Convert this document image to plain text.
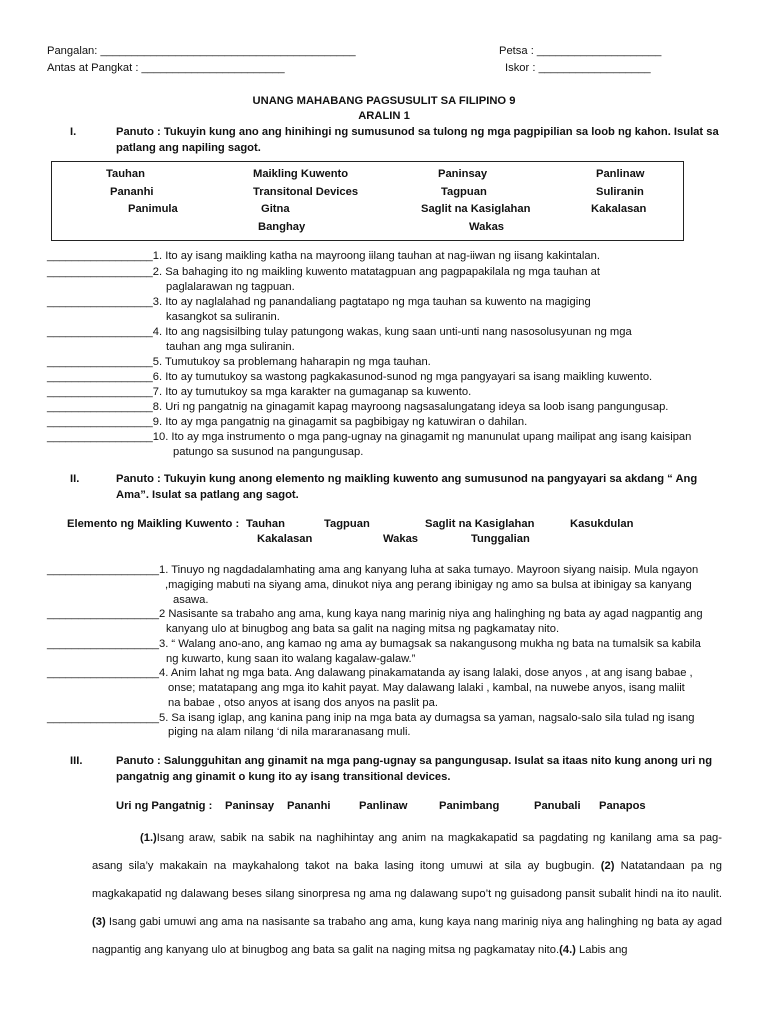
Pangalan: _________________________________________	Petsa : ____________________
Antas at Pangkat : _______________________	Iskor : __________________
UNANG MAHABANG PAGSUSULIT SA FILIPINO 9
ARALIN 1
I.	Panuto : Tukuyin kung ano ang hinihingi ng sumusunod sa tulong ng mga pagpipilian sa loob ng kahon. Isulat sa
patlang ang napiling sagot.
Tauhan	Maikling Kuwento	Paninsay	Panlinaw
Pananhi	Transitonal Devices	Tagpuan	Suliranin
Panimula	Gitna	Saglit na Kasiglahan	Kakalasan
Banghay	Wakas
_________________1. Ito ay isang maikling katha na mayroong iilang tauhan at nag-iiwan ng iisang kakintalan.
_________________2. Sa bahaging ito ng maikling kuwento matatagpuan ang pagpapakilala ng mga tauhan at
paglalarawan ng tagpuan.
_________________3. Ito ay naglalahad ng panandaliang pagtatapo ng mga tauhan sa kuwento na magiging
kasangkot sa suliranin.
_________________4. Ito ang nagsisilbing tulay patungong wakas, kung saan unti-unti nang nasosolusyunan ng mga
tauhan ang mga suliranin.
_________________5. Tumutukoy sa problemang haharapin ng mga tauhan.
_________________6. Ito ay tumutukoy sa wastong pagkakasunod-sunod ng mga pangyayari sa isang maikling kuwento.
_________________7. Ito ay tumutukoy sa mga karakter na gumaganap sa kuwento.
_________________8. Uri ng pangatnig na ginagamit kapag mayroong nagsasalungatang ideya sa loob isang pangungusap.
_________________9. Ito ay mga pangatnig na ginagamit sa pagbibigay ng katuwiran o dahilan.
_________________10. Ito ay mga instrumento o mga pang-ugnay na ginagamit ng manunulat upang mailipat ang isang kaisipan
patungo sa susunod na pangungusap.
II.	Panuto : Tukuyin kung anong elemento ng maikling kuwento ang sumusunod na pangyayari sa akdang “ Ang
Ama”. Isulat sa patlang ang sagot.
Elemento ng Maikling Kuwento : Tauhan	Tagpuan	Saglit na Kasiglahan	Kasukdulan
Kakalasan	Wakas	Tunggalian
__________________1. Tinuyo ng nagdadalamhating ama ang kanyang luha at saka tumayo. Mayroon siyang naisip. Mula ngayon
,magiging mabuti na siyang ama, dinukot niya ang perang ibinigay ng amo sa bulsa at ibinigay sa kanyang
asawa.
__________________2 Nasisante sa trabaho ang ama, kung kaya nang marinig niya ang halinghing ng bata ay agad nagpantig ang
kanyang ulo at binugbog ang bata sa galit na naging mitsa ng pagkamatay nito.
__________________3. “ Walang ano-ano, ang kamao ng ama ay bumagsak sa nakangusong mukha ng bata na tumalsik sa kabila
ng kuwarto, kung saan ito walang kagalaw-galaw.”
__________________4. Anim lahat ng mga bata. Ang dalawang pinakamatanda ay isang lalaki, dose anyos , at ang isang babae ,
onse; matatapang ang mga ito kahit payat. May dalawang lalaki , kambal, na nuwebe anyos, isang maliit
na babae , otso anyos at isang dos anyos na paslit pa.
__________________5. Sa isang iglap, ang kanina pang inip na mga bata ay dumagsa sa yaman, nagsalo-salo sila tulad ng isang
piging na alam nilang ‘di nila mararanasang muli.
III.	Panuto : Salungguhitan ang ginamit na mga pang-ugnay sa pangungusap. Isulat sa itaas nito kung anong uri ng
pangatnig ang ginamit o kung ito ay isang transitional devices.
Uri ng Pangatnig : Paninsay Pananhi	Panlinaw	Panimbang	Panubali Panapos
(1.)Isang araw, sabik na sabik na naghihintay ang anim na magkakapatid sa pagdating ng kanilang ama sa pag-asang sila’y makakain na maykahalong takot na baka lasing itong umuwi at sila ay bugbugin. (2) Natatandaan pa ng magkakapatid ng dalawang beses silang sinorpresa ng ama ng dalawang supo’t ng guisadong pansit subalit hindi na ito naulit.(3) Isang gabi umuwi ang ama na nasisante sa trabaho ang ama, kung kaya nang marinig niya ang halinghing ng bata ay agad nagpantig ang kanyang ulo at binugbog ang bata sa galit na naging mitsa ng pagkamatay nito.(4.) Labis ang
